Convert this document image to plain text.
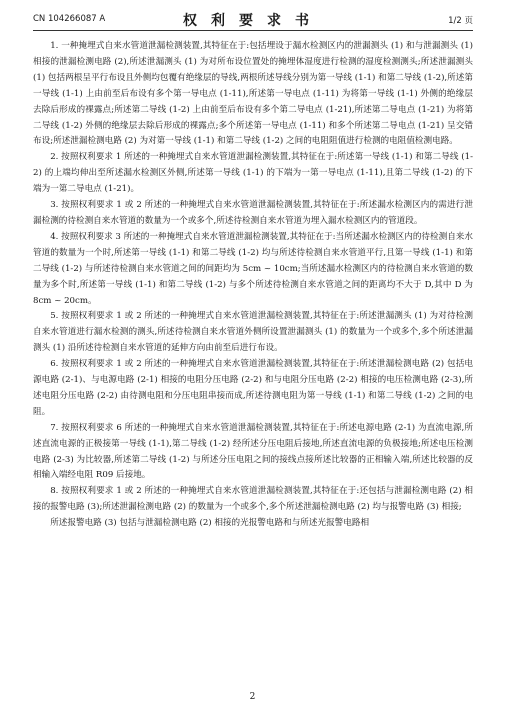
CN 104266087 A	权利要求书	1/2 页

1. 一种掩埋式自来水管道泄漏检测装置,其特征在于:包括埋设于漏水检测区内的泄漏测头 (1) 和与泄漏测头 (1) 相接的泄漏检测电路 (2),所述泄漏测头 (1) 为对所布设位置处的掩埋体湿度进行检测的湿度检测测头;所述泄漏测头 (1) 包括两根呈平行布设且外侧均包覆有绝缘层的导线,两根所述导线分别为第一导线 (1-1) 和第二导线 (1-2),所述第一导线 (1-1) 上由前至后布设有多个第一导电点 (1-11),所述第一导电点 (1-11) 为将第一导线 (1-1) 外侧的绝缘层去除后形成的裸露点;所述第二导线 (1-2) 上由前至后布设有多个第二导电点 (1-21),所述第二导电点 (1-21) 为将第二导线 (1-2) 外侧的绝缘层去除后形成的裸露点;多个所述第一导电点 (1-11) 和多个所述第二导电点 (1-21) 呈交错布设;所述泄漏检测电路 (2) 为对第一导线 (1-1) 和第二导线 (1-2) 之间的电阻阻值进行检测的电阻值检测电路。

2. 按照权利要求 1 所述的一种掩埋式自来水管道泄漏检测装置,其特征在于:所述第一导线 (1-1) 和第二导线 (1-2) 的上端均伸出至所述漏水检测区外侧,所述第一导线 (1-1) 的下端为一第一导电点 (1-11),且第二导线 (1-2) 的下端为一第二导电点 (1-21)。

3. 按照权利要求 1 或 2 所述的一种掩埋式自来水管道泄漏检测装置,其特征在于:所述漏水检测区内的需进行泄漏检测的待检测自来水管道的数量为一个或多个,所述待检测自来水管道为埋入漏水检测区内的管道段。

4. 按照权利要求 3 所述的一种掩埋式自来水管道泄漏检测装置,其特征在于:当所述漏水检测区内的待检测自来水管道的数量为一个时,所述第一导线 (1-1) 和第二导线 (1-2) 均与所述待检测自来水管道平行,且第一导线 (1-1) 和第二导线 (1-2) 与所述待检测自来水管道之间的间距均为 5cm ~ 10cm;当所述漏水检测区内的待检测自来水管道的数量为多个时,所述第一导线 (1-1) 和第二导线 (1-2) 与多个所述待检测自来水管道之间的距离均不大于 D,其中 D 为 8cm ~ 20cm。

5. 按照权利要求 1 或 2 所述的一种掩埋式自来水管道泄漏检测装置,其特征在于:所述泄漏测头 (1) 为对待检测自来水管道进行漏水检测的测头,所述待检测自来水管道外侧所设置泄漏测头 (1) 的数量为一个或多个,多个所述泄漏测头 (1) 沿所述待检测自来水管道的延伸方向由前至后进行布设。

6. 按照权利要求 1 或 2 所述的一种掩埋式自来水管道泄漏检测装置,其特征在于:所述泄漏检测电路 (2) 包括电源电路 (2-1)、与电源电路 (2-1) 相接的电阻分压电路 (2-2) 和与电阻分压电路 (2-2) 相接的电压检测电路 (2-3),所述电阻分压电路 (2-2) 由待测电阻和分压电阻串接而成,所述待测电阻为第一导线 (1-1) 和第二导线 (1-2) 之间的电阻。

7. 按照权利要求 6 所述的一种掩埋式自来水管道泄漏检测装置,其特征在于:所述电源电路 (2-1) 为直流电源,所述直流电源的正极接第一导线 (1-1),第二导线 (1-2) 经所述分压电阻后接地,所述直流电源的负极接地;所述电压检测电路 (2-3) 为比较器,所述第二导线 (1-2) 与所述分压电阻之间的接线点接所述比较器的正相输入端,所述比较器的反相输入端经电阻 R09 后接地。

8. 按照权利要求 1 或 2 所述的一种掩埋式自来水管道泄漏检测装置,其特征在于:还包括与泄漏检测电路 (2) 相接的报警电路 (3);所述泄漏检测电路 (2) 的数量为一个或多个,多个所述泄漏检测电路 (2) 均与报警电路 (3) 相接;

所述报警电路 (3) 包括与泄漏检测电路 (2) 相接的光报警电路和与所述光报警电路相

2
